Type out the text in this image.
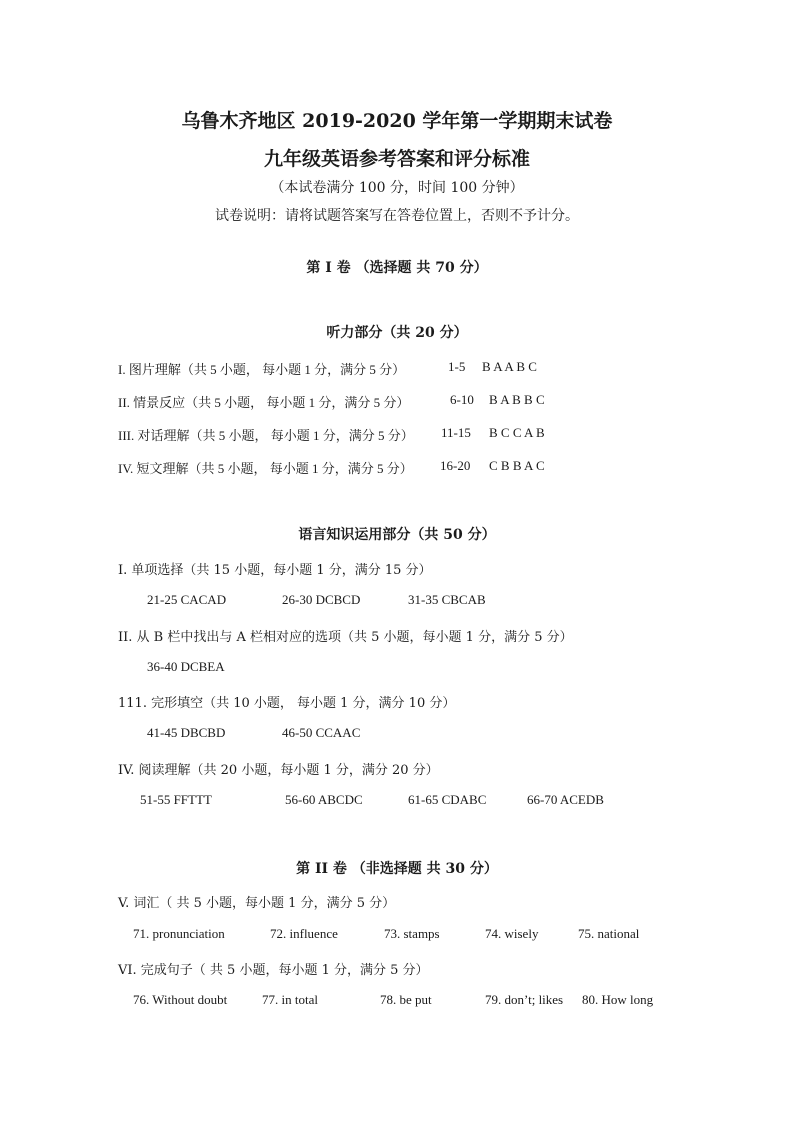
乌鲁木齐地区 2019-2020 学年第一学期期末试卷
九年级英语参考答案和评分标准
（本试卷满分 100 分，时间 100 分钟）
试卷说明：请将试题答案写在答卷位置上，否则不予计分。
第 I 卷 （选择题 共 70 分）
听力部分（共 20 分）
I. 图片理解（共 5 小题， 每小题 1 分，满分 5 分）	1-5 B A A B C
II. 情景反应（共 5 小题， 每小题 1 分，满分 5 分）	6-10 B A B B C
III. 对话理解（共 5 小题， 每小题 1 分，满分 5 分） 11-15 B C C A B
IV. 短文理解（共 5 小题， 每小题 1 分，满分 5 分） 16-20 C B B A C
语言知识运用部分（共 50 分）
I. 单项选择（共 15 小题，每小题 1 分，满分 15 分）
21-25 CACAD	26-30 DCBCD	31-35 CBCAB
II. 从 B 栏中找出与 A 栏相对应的选项（共 5 小题，每小题 1 分，满分 5 分）
36-40 DCBEA
111. 完形填空（共 10 小题， 每小题 1 分，满分 10 分）
41-45 DBCBD	46-50 CCAAC
IV. 阅读理解（共 20 小题，每小题 1 分，满分 20 分）
51-55 FFTTT	56-60 ABCDC	61-65 CDABC	66-70 ACEDB
第 II 卷 （非选择题 共 30 分）
V. 词汇（ 共 5 小题，每小题 1 分，满分 5 分）
71. pronunciation	72. influence	73. stamps	74. wisely	75. national
VI. 完成句子（ 共 5 小题，每小题 1 分，满分 5 分）
76. Without doubt	77. in total	78. be put	79. don’t; likes 80. How long
